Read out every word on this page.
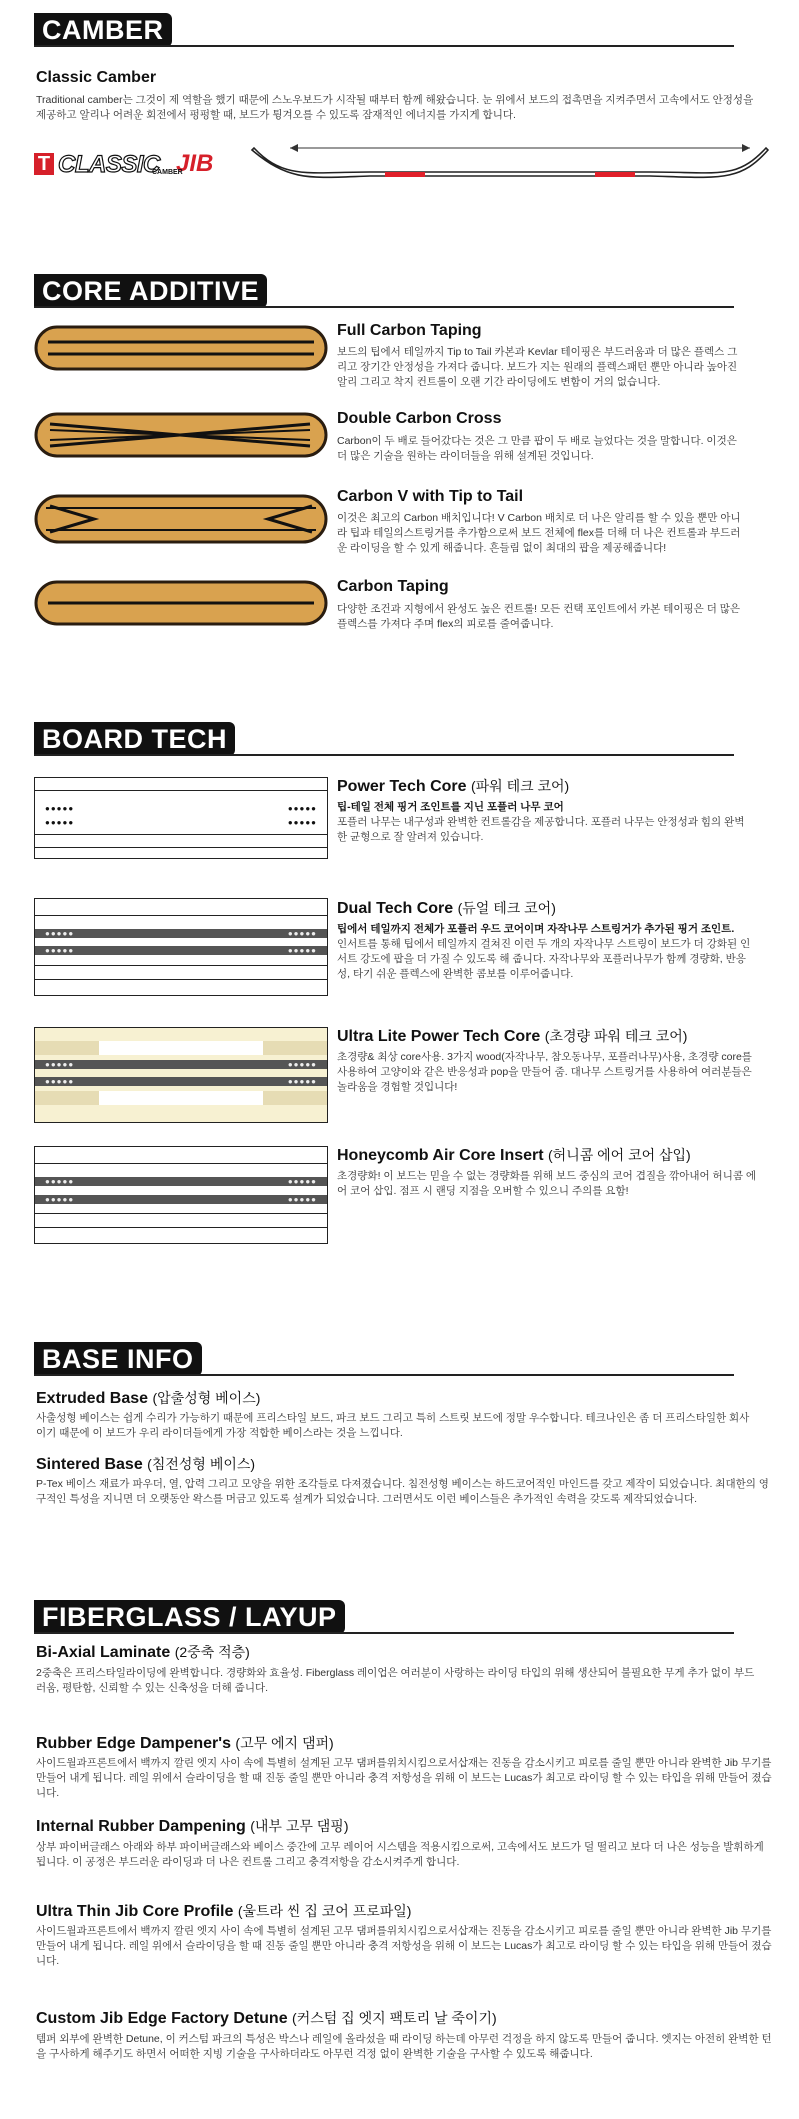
CAMBER
Classic Camber
Traditional camber는 그것이 제 역할을 했기 때문에 스노우보드가 시작될 때부터 함께 해왔습니다. 눈 위에서 보드의 접촉면을 지켜주면서 고속에서도 안정성을 제공하고 알리나 어려운 회전에서 펑펑할 때, 보드가 튕겨오를 수 있도록 잠재적인 에너지를 가지게 합니다.
T CLASSIC JIB
CAMBER
CORE ADDITIVE
Full Carbon Taping
보드의 팁에서 테일까지 Tip to Tail 카본과 Kevlar 테이핑은 부드러움과 더 많은 플렉스 그리고 장기간 안정성을 가져다 줍니다. 보드가 지는 원래의 플렉스패턴 뿐만 아니라 높아진 알리 그리고 착지 컨트롤이 오랜 기간 라이딩에도 변함이 거의 없습니다.
Double Carbon Cross
Carbon이 두 배로 들어갔다는 것은 그 만큼 팝이 두 배로 늘었다는 것을 말합니다. 이것은 더 많은 기술을 원하는 라이더들을 위해 설계된 것입니다.
Carbon V with Tip to Tail
이것은 최고의 Carbon 배치입니다! V Carbon 배치로 더 나은 알리를 할 수 있을 뿐만 아니라 팁과 테일의스트링거를 추가함으로써 보드 전체에 flex를 더해 더 나은 컨트롤과 부드러운 라이딩을 할 수 있게 해줍니다. 흔들림 없이 최대의 팝을 제공해줍니다!
Carbon Taping
다양한 조건과 지형에서 완성도 높은 컨트롤! 모든 컨택 포인트에서 카본 테이핑은 더 많은 플렉스를 가져다 주며 flex의 피로를 줄여줍니다.
BOARD TECH
●●●●●	●●●●●
●●●●●	●●●●●
Power Tech Core (파워 테크 코어)
팁-테일 전체 핑거 조인트를 지닌 포플러 나무 코어
포플러 나무는 내구성과 완벽한 컨트롤감을 제공합니다. 포플러 나무는 안정성과 힘의 완벽한 균형으로 잘 알려져 있습니다.
●●●●●	●●●●●
●●●●●	●●●●●
Dual Tech Core (듀얼 테크 코어)
팁에서 테일까지 전체가 포플러 우드 코어이며 자작나무 스트링거가 추가된 핑거 조인트.
인서트를 통해 팁에서 테일까지 걸쳐진 이런 두 개의 자작나무 스트링이 보드가 더 강화된 인서트 강도에 팝을 더 가질 수 있도록 해 줍니다. 자작나무와 포플러나무가 함께 경량화, 반응성, 타기 쉬운 플렉스에 완벽한 콤보를 이루어줍니다.
●●●●●	●●●●●
●●●●●	●●●●●
Ultra Lite Power Tech Core (초경량 파워 테크 코어)
초경량& 최상 core사용. 3가지 wood(자작나무, 참오동나무, 포플러나무)사용, 초경량 core를 사용하여 고양이와 같은 반응성과 pop을 만들어 줌. 대나무 스트링거를 사용하여 여러분들은 놀라움을 경험할 것입니다!
●●●●●	●●●●●
●●●●●	●●●●●
Honeycomb Air Core Insert (허니콤 에어 코어 삽입)
초경량화! 이 보드는 믿을 수 없는 경량화를 위해 보드 중심의 코어 겹질을 깎아내어 허니콤 에어 코어 삽입. 점프 시 랜딩 지점을 오버할 수 있으니 주의를 요함!
BASE INFO
Extruded Base (압출성형 베이스)
사출성형 베이스는 쉽게 수리가 가능하기 때문에 프리스타일 보드, 파크 보드 그리고 특히 스트릿 보드에 정말 우수합니다. 테크나인은 좀 더 프리스타일한 회사이기 때문에 이 보드가 우리 라이더들에게 가장 적합한 베이스라는 것을 느낍니다.
Sintered Base (침전성형 베이스)
P-Tex 베이스 재료가 파우더, 열, 압력 그리고 모양을 위한 조각들로 다져졌습니다. 침전성형 베이스는 하드코어적인 마인드를 갖고 제작이 되었습니다. 최대한의 영구적인 특성을 지니면 더 오랫동안 왁스를 머금고 있도록 설계가 되었습니다. 그러면서도 이런 베이스들은 추가적인 속력을 갖도록 제작되었습니다.
FIBERGLASS / LAYUP
Bi-Axial Laminate (2중축 적층)
2중축은 프리스타일라이딩에 완벽합니다. 경량화와 효율성. Fiberglass 레이업은 여러분이 사랑하는 라이딩 타입의 위해 생산되어 불필요한 무게 추가 없이 부드러움, 평탄함, 신뢰할 수 있는 신축성을 더해 줍니다.
Rubber Edge Dampener's (고무 에지 댐퍼)
사이드월과프론트에서 백까지 깔린 엣지 사이 속에 특별히 설계된 고무 댐퍼를위치시킴으로서삽재는 진동을 감소시키고 피로를 줄일 뿐만 아니라 완벽한 Jib 무기를 만들어 내게 됩니다. 레일 위에서 슬라이딩을 할 때 진동 줄일 뿐만 아니라 충격 저항성을 위해 이 보드는 Lucas가 최고로 라이딩 할 수 있는 타입을 위해 만들어 졌습니다.
Internal Rubber Dampening (내부 고무 댐핑)
상부 파이버글래스 아래와 하부 파이버글래스와 베이스 중간에 고무 레이어 시스템을 적용시킴으로써, 고속에서도 보드가 덜 떨리고 보다 더 나은 성능을 발휘하게 됩니다. 이 공정은 부드러운 라이딩과 더 나은 컨트롤 그리고 충격저항을 감소시켜주게 합니다.
Ultra Thin Jib Core Profile (울트라 씬 집 코어 프로파일)
사이드월과프론트에서 백까지 깔린 엣지 사이 속에 특별히 설계된 고무 댐퍼를위치시킴으로서삽재는 진동을 감소시키고 피로를 줄일 뿐만 아니라 완벽한 Jib 무기를 만들어 내게 됩니다. 레일 위에서 슬라이딩을 할 때 진동 줄일 뿐만 아니라 충격 저항성을 위해 이 보드는 Lucas가 최고로 라이딩 할 수 있는 타입을 위해 만들어 졌습니다.
Custom Jib Edge Factory Detune (커스텀 집 엣지 팩토리 날 죽이기)
템퍼 외부에 완벽한 Detune, 이 커스텀 파크의 특성은 박스나 레일에 올라섰을 때 라이딩 하는데 아무런 걱정을 하지 않도록 만들어 줍니다. 엣지는 아전히 완벽한 턴을 구사하게 해주기도 하면서 어떠한 지빙 기술을 구사하더라도 아무런 걱정 없이 완벽한 기술을 구사할 수 있도록 해줍니다.
